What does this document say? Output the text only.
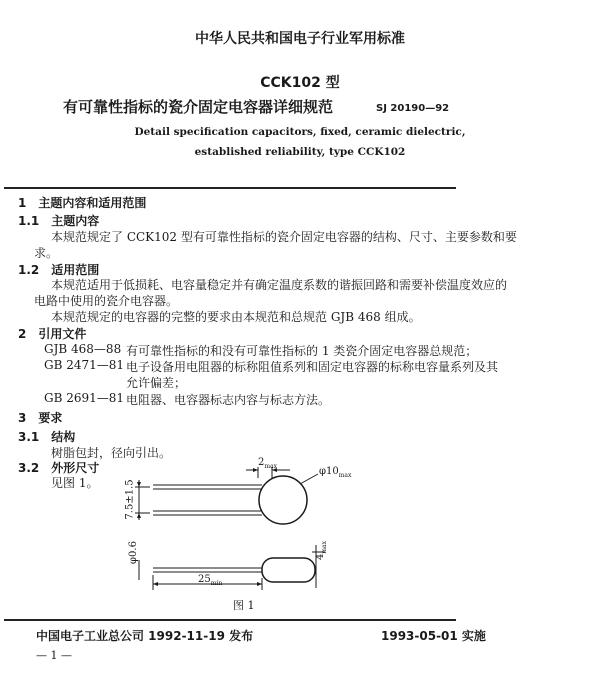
中华人民共和国电子行业军用标准
CCK102 型
有可靠性指标的瓷介固定电容器详细规范	SJ 20190—92
Detail specification capacitors, fixed, ceramic dielectric,
established reliability, type CCK102
1　主题内容和适用范围
1.1　主题内容
本规范规定了 CCK102 型有可靠性指标的瓷介固定电容器的结构、尺寸、主要参数和要
求。
1.2　适用范围
本规范适用于低损耗、电容量稳定并有确定温度系数的谐振回路和需要补偿温度效应的
电路中使用的瓷介电容器。
本规范规定的电容器的完整的要求由本规范和总规范 GJB 468 组成。
2　引用文件
GJB 468—88 有可靠性指标的和没有可靠性指标的 1 类瓷介固定电容器总规范；
GB 2471—81 电子设备用电阻器的标称阻值系列和固定电容器的标称电容量系列及其
允许偏差；
GB 2691—81 电阻器、电容器标志内容与标志方法。
3　要求
3.1　结构
树脂包封，径向引出。
3.2　外形尺寸
见图 1。
$2_{max}$	$\varphi 10_{max}$
7.5±1.5
φ0.6	$4_{max}$
$25_{min}$
图 1
中国电子工业总公司 1992-11-19 发布	1993-05-01 实施
— 1 —
